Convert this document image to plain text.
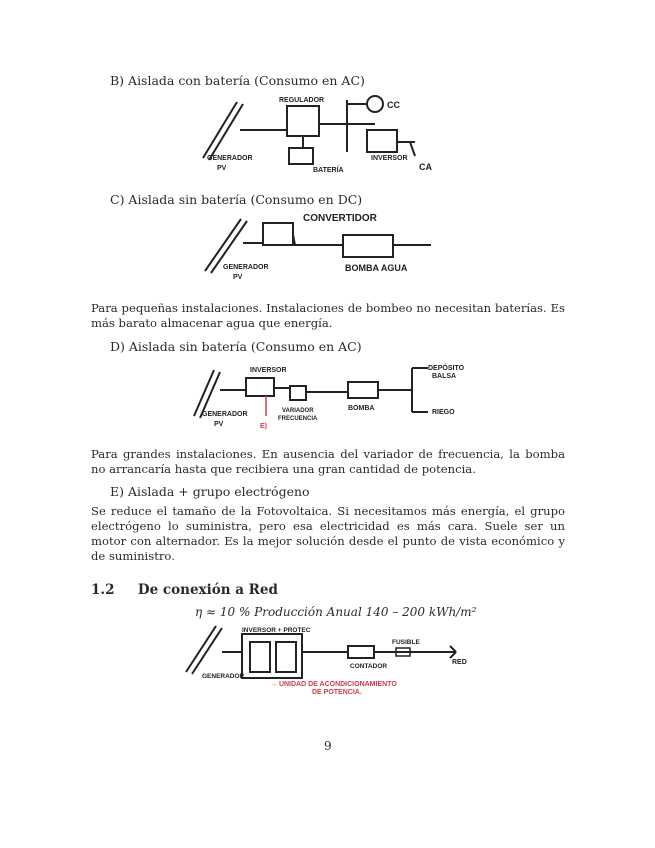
B) Aislada con batería (Consumo en AC)
REGULADOR	CC
GENERADOR
PV	BATERÍA
INVERSOR
CA
C) Aislada sin batería (Consumo en DC)
CONVERTIDOR
GENERADOR
PV
BOMBA AGUA
Para pequeñas instalaciones. Instalaciones de bombeo no necesitan baterías. Es más barato almacenar agua que energía.
D) Aislada sin batería (Consumo en AC)
INVERSOR
GENERADOR
PV	E)
VARIADOR
FRECUENCIA
BOMBA
DEPÓSITO
BALSA
RIEGO
Para grandes instalaciones. En ausencia del variador de frecuencia, la bomba no arrancaría hasta que recibiera una gran cantidad de potencia.
E) Aislada + grupo electrógeno
Se reduce el tamaño de la Fotovoltaica. Si necesitamos más energía, el grupo electrógeno lo suministra, pero esa electricidad es más cara. Suele ser un motor con alternador. Es la mejor solución desde el punto de vista económico y de suministro.
1.2 De conexión a Red
η ≈ 10 % Producción Anual 140 – 200 kWh/m²
INVERSOR + PROTEC
GENERADOR
CONTADOR
FUSIBLE
RED
→ UNIDAD DE ACONDICIONAMIENTO
DE POTENCIA.
9
